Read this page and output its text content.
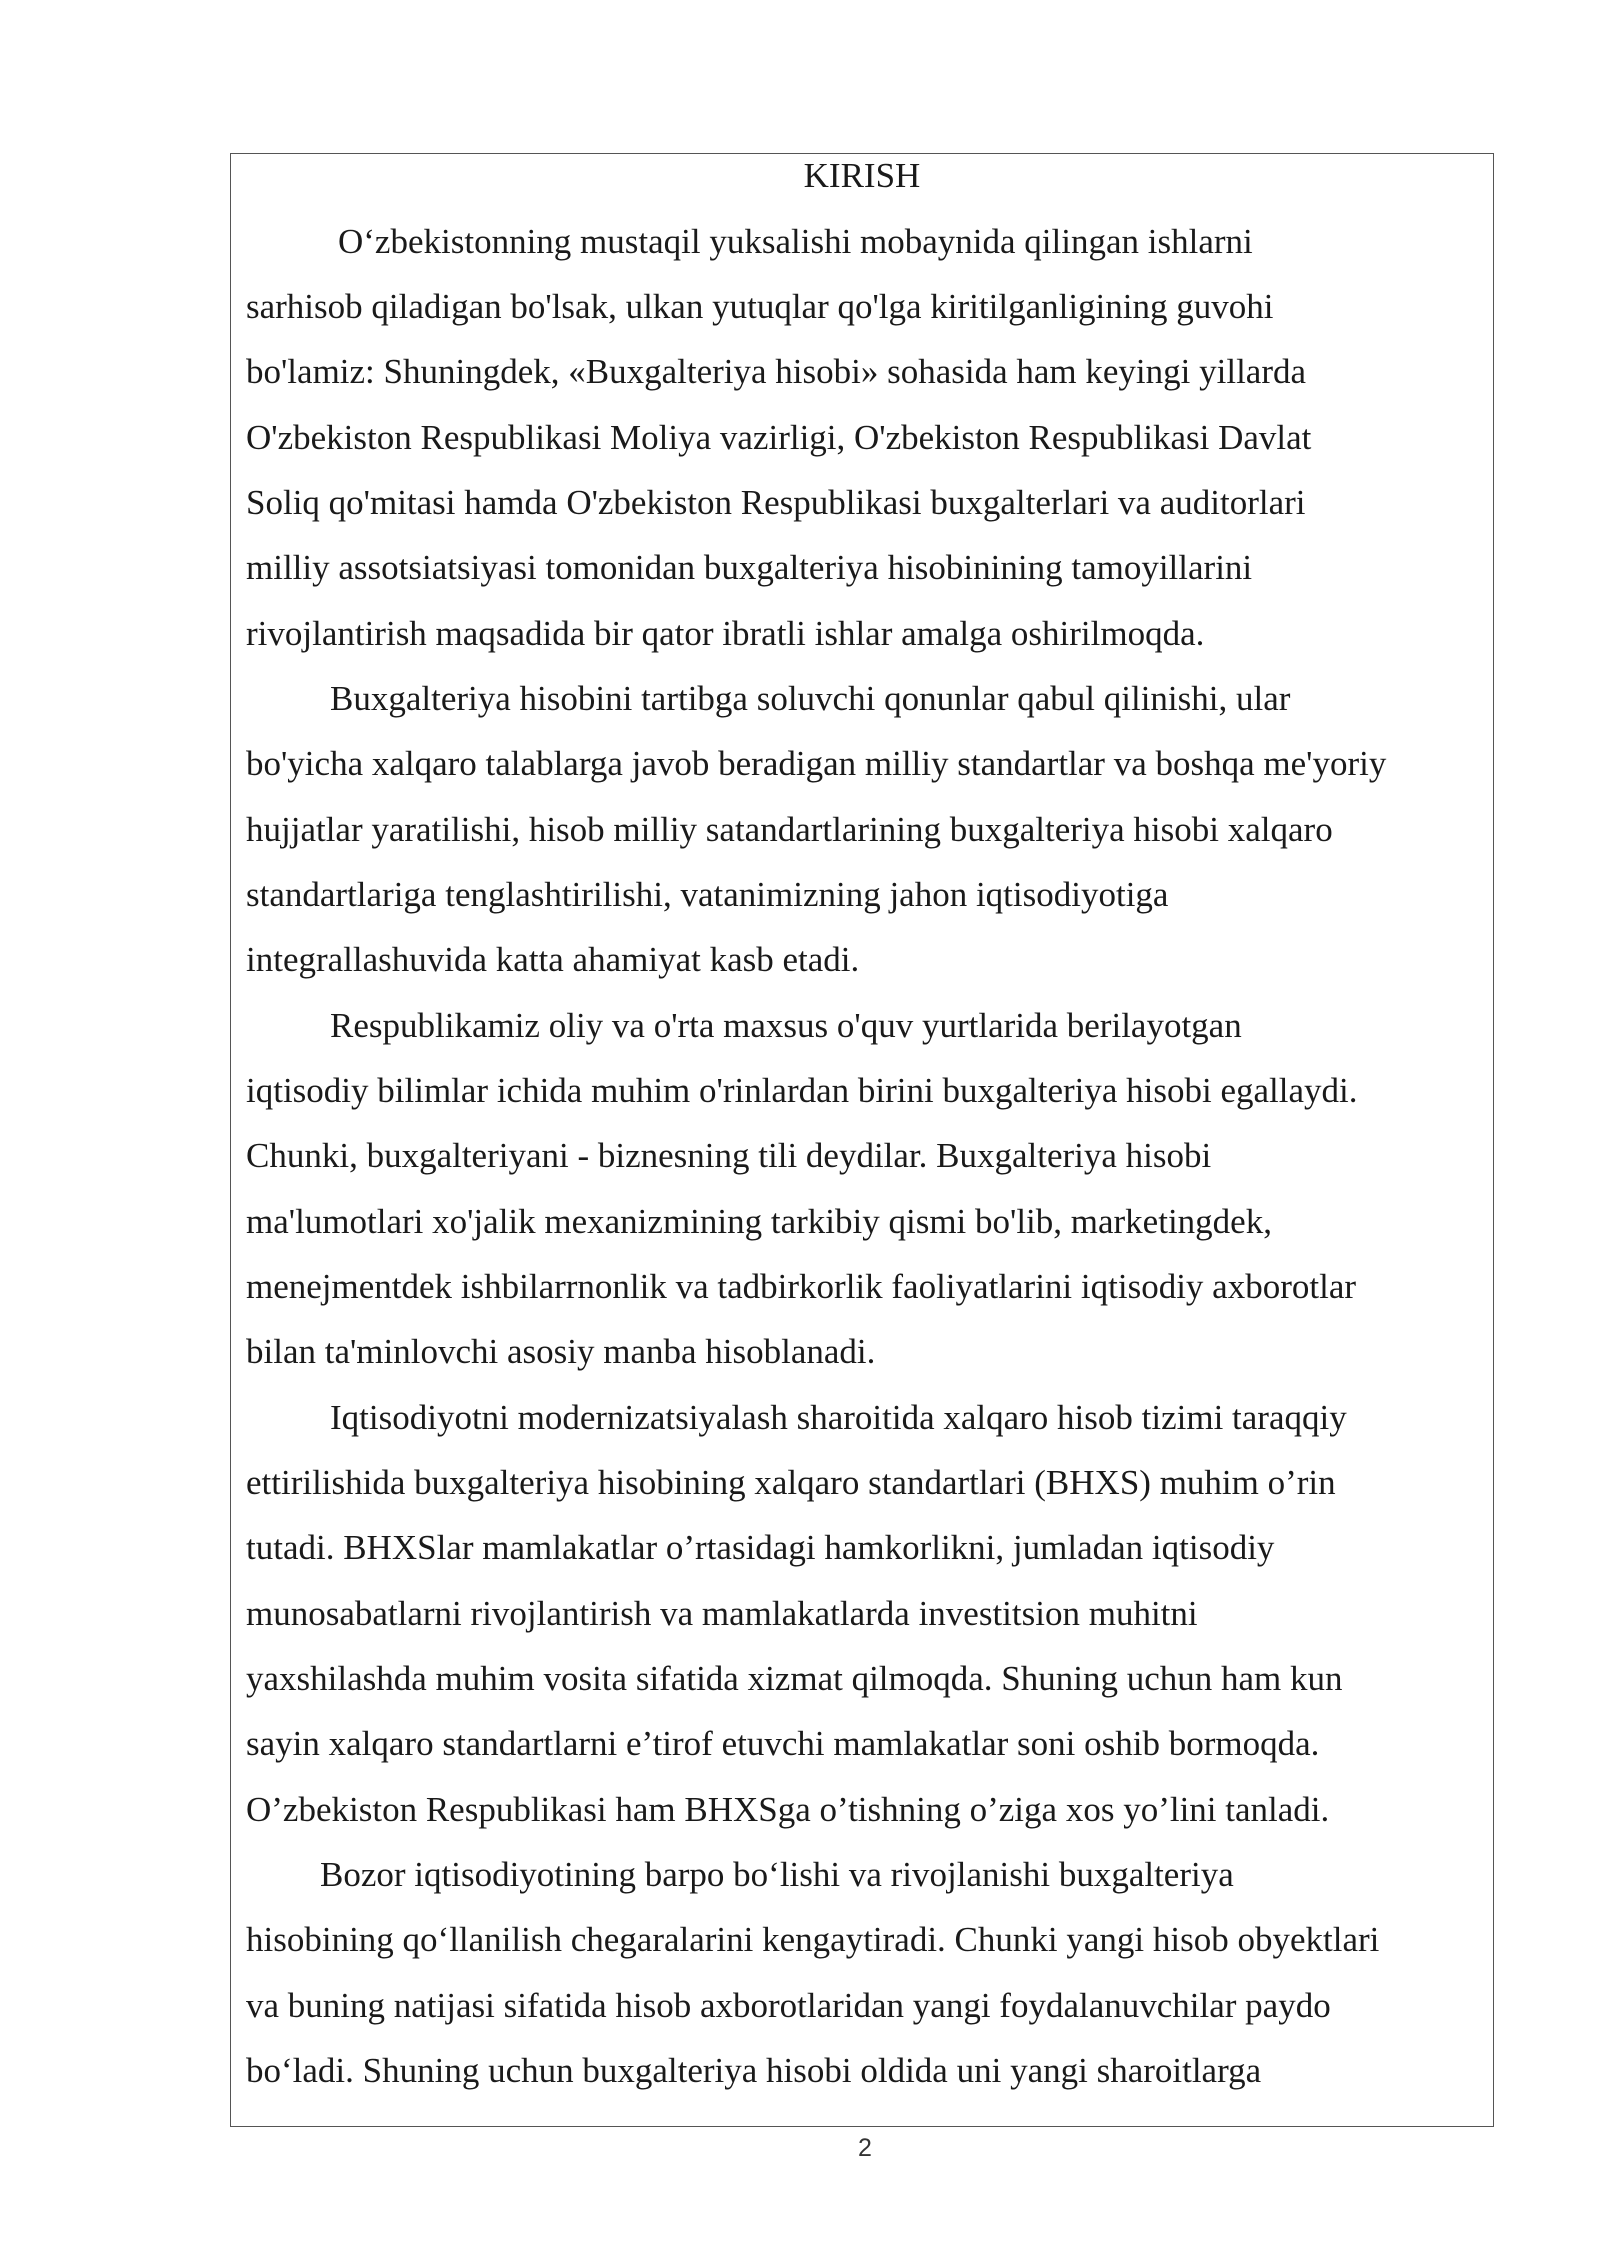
KIRISH
O‘zbekistonning mustaqil yuksalishi mobaynida qilingan ishlarni
sarhisob qiladigan bo'lsak, ulkan yutuqlar qo'lga kiritilganligining guvohi
bo'lamiz: Shuningdek, «Buxgalteriya hisobi» sohasida ham keyingi yillarda
O'zbekiston Respublikasi Moliya vazirligi, O'zbekiston Respublikasi Davlat
Soliq qo'mitasi hamda O'zbekiston Respublikasi buxgalterlari va auditorlari
milliy assotsiatsiyasi tomonidan buxgalteriya hisobinining tamoyillarini
rivojlantirish maqsadida bir qator ibratli ishlar amalga oshirilmoqda.
Buxgalteriya hisobini tartibga soluvchi qonunlar qabul qilinishi, ular
bo'yicha xalqaro talablarga javob beradigan milliy standartlar va boshqa me'yoriy
hujjatlar yaratilishi, hisob milliy satandartlarining buxgalteriya hisobi xalqaro
standartlariga tenglashtirilishi, vatanimizning jahon iqtisodiyotiga
integrallashuvida katta ahamiyat kasb etadi.
Respublikamiz oliy va o'rta maxsus o'quv yurtlarida berilayotgan
iqtisodiy bilimlar ichida muhim o'rinlardan birini buxgalteriya hisobi egallaydi.
Chunki, buxgalteriyani - biznesning tili deydilar. Buxgalteriya hisobi
ma'lumotlari xo'jalik mexanizmining tarkibiy qismi bo'lib, marketingdek,
menejmentdek ishbilarrnonlik va tadbirkorlik faoliyatlarini iqtisodiy axborotlar
bilan ta'minlovchi asosiy manba hisoblanadi.
Iqtisodiyotni modernizatsiyalash sharoitida xalqaro hisob tizimi taraqqiy
ettirilishida buxgalteriya hisobining xalqaro standartlari (BHXS) muhim o’rin
tutadi. BHXSlar mamlakatlar o’rtasidagi hamkorlikni, jumladan iqtisodiy
munosabatlarni rivojlantirish va mamlakatlarda investitsion muhitni
yaxshilashda muhim vosita sifatida xizmat qilmoqda. Shuning uchun ham kun
sayin xalqaro standartlarni e’tirof etuvchi mamlakatlar soni oshib bormoqda.
O’zbekiston Respublikasi ham BHXSga o’tishning o’ziga xos yo’lini tanladi.
Bozor iqtisodiyotining barpo bo‘lishi va rivojlanishi buxgalteriya
hisobining qo‘llanilish chegaralarini kengaytiradi. Chunki yangi hisob obyektlari
va buning natijasi sifatida hisob axborotlaridan yangi foydalanuvchilar paydo
bo‘ladi. Shuning uchun buxgalteriya hisobi oldida uni yangi sharoitlarga
2
